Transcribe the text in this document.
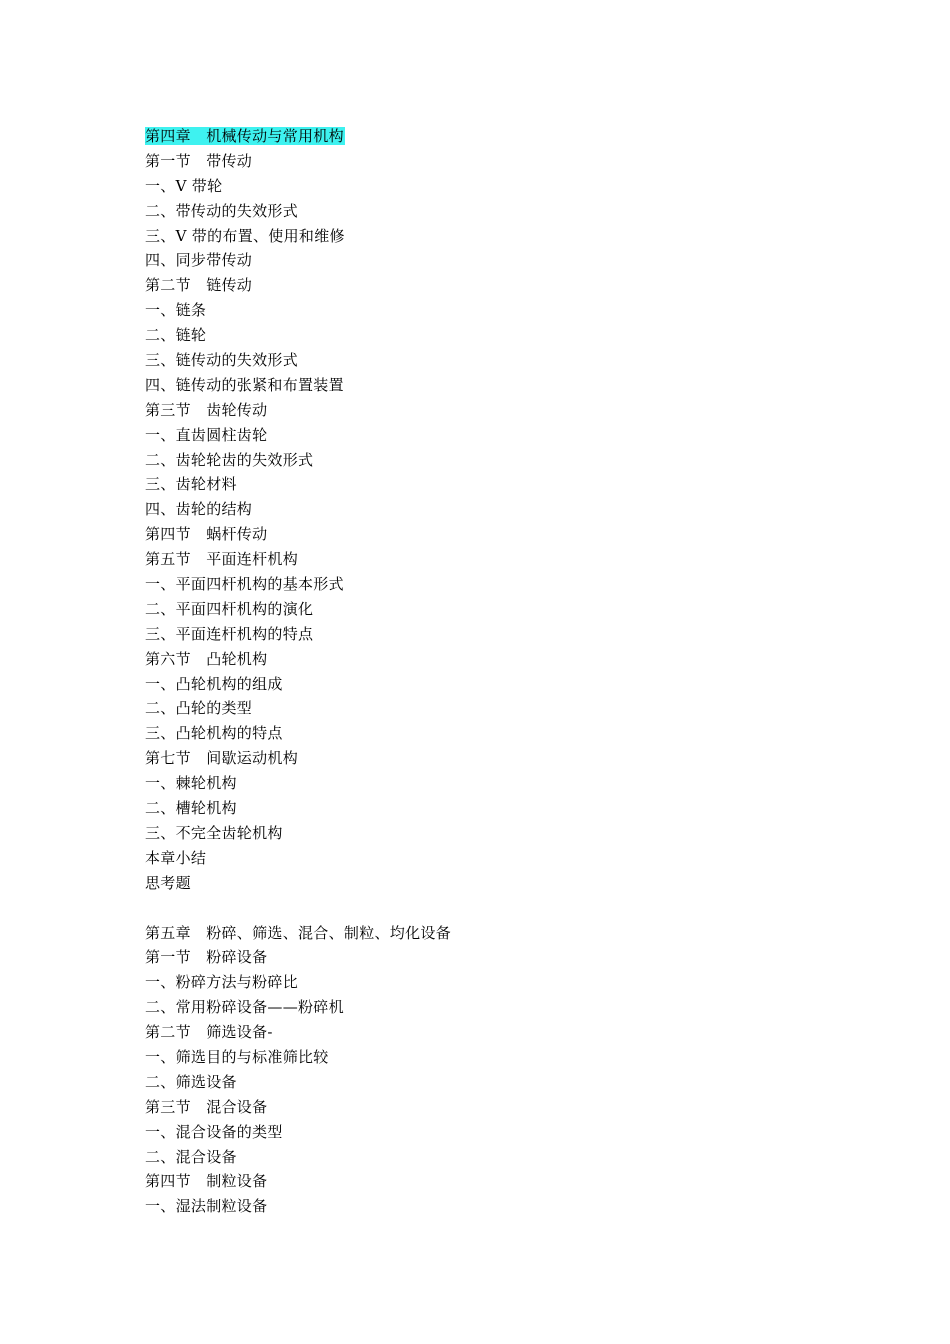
第四章　机械传动与常用机构
第一节　带传动
一、V 带轮
二、带传动的失效形式
三、V 带的布置、使用和维修
四、同步带传动
第二节　链传动
一、链条
二、链轮
三、链传动的失效形式
四、链传动的张紧和布置装置
第三节　齿轮传动
一、直齿圆柱齿轮
二、齿轮轮齿的失效形式
三、齿轮材料
四、齿轮的结构
第四节　蜗杆传动
第五节　平面连杆机构
一、平面四杆机构的基本形式
二、平面四杆机构的演化
三、平面连杆机构的特点
第六节　凸轮机构
一、凸轮机构的组成
二、凸轮的类型
三、凸轮机构的特点
第七节　间歇运动机构
一、棘轮机构
二、槽轮机构
三、不完全齿轮机构
本章小结
思考题
第五章　粉碎、筛选、混合、制粒、均化设备
第一节　粉碎设备
一、粉碎方法与粉碎比
二、常用粉碎设备——粉碎机
第二节　筛选设备-
一、筛选目的与标准筛比较
二、筛选设备
第三节　混合设备
一、混合设备的类型
二、混合设备
第四节　制粒设备
一、湿法制粒设备
